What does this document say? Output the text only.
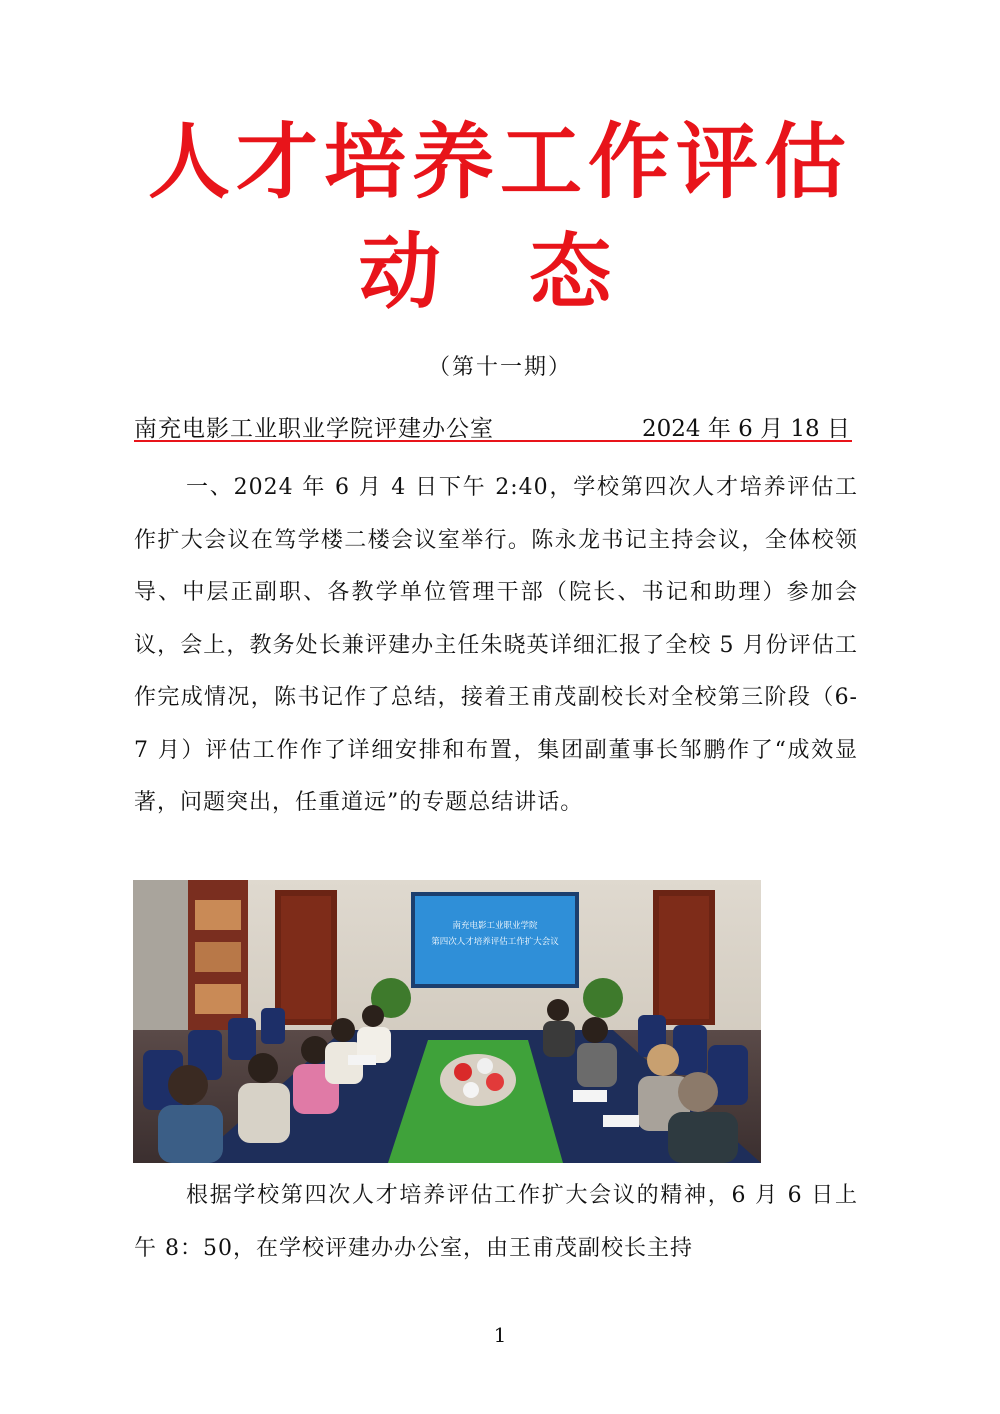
人才培养工作评估
动 态
（第十一期）
南充电影工业职业学院评建办公室	2024 年 6 月 18 日

一、2024 年 6 月 4 日下午 2:40，学校第四次人才培养评估工作扩大会议在笃学楼二楼会议室举行。陈永龙书记主持会议，全体校领导、中层正副职、各教学单位管理干部（院长、书记和助理）参加会议，会上，教务处长兼评建办主任朱晓英详细汇报了全校 5 月份评估工作完成情况，陈书记作了总结，接着王甫茂副校长对全校第三阶段（6-7 月）评估工作作了详细安排和布置，集团副董事长邹鹏作了“成效显著，问题突出，任重道远”的专题总结讲话。

南充电影工业职业学院
第四次人才培养评估工作扩大会议

根据学校第四次人才培养评估工作扩大会议的精神，6 月 6 日上午 8：50，在学校评建办办公室，由王甫茂副校长主持

1
